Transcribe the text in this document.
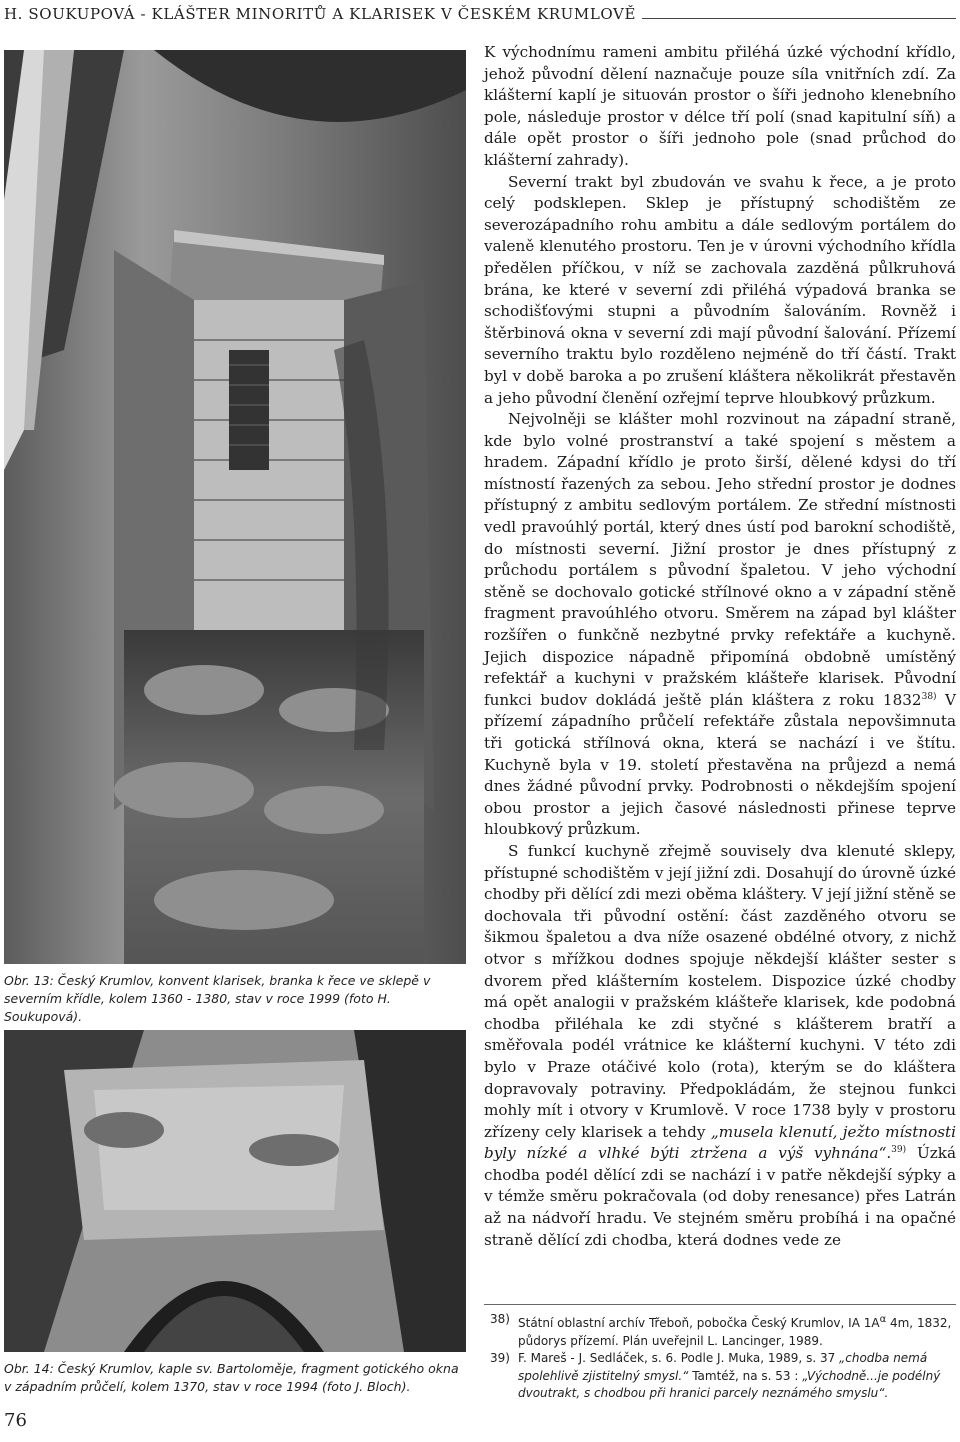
H. SOUKUPOVÁ - KLÁŠTER MINORITŮ A KLARISEK V ČESKÉM KRUMLOVĚ
Obr. 13: Český Krumlov, konvent klarisek, branka k řece ve sklepě v severním křídle, kolem 1360 - 1380, stav v roce 1999 (foto H. Soukupová).
Obr. 14: Český Krumlov, kaple sv. Bartoloměje, fragment gotického okna v západním průčelí, kolem 1370, stav v roce 1994 (foto J. Bloch).

K východnímu rameni ambitu přiléhá úzké východní křídlo, jehož původní dělení naznačuje pouze síla vnitřních zdí. Za klášterní kaplí je situován prostor o šíři jednoho klenebního pole, následuje prostor v délce tří polí (snad kapitulní síň) a dále opět prostor o šíři jednoho pole (snad průchod do klášterní zahrady).

Severní trakt byl zbudován ve svahu k řece, a je proto celý podsklepen. Sklep je přístupný schodištěm ze severozápadního rohu ambitu a dále sedlovým portálem do valeně klenutého prostoru. Ten je v úrovni východního křídla předělen příčkou, v níž se zachovala zazděná půlkruhová brána, ke které v severní zdi přiléhá výpadová branka se schodišťovými stupni a původním šalováním. Rovněž i štěrbinová okna v severní zdi mají původní šalování. Přízemí severního traktu bylo rozděleno nejméně do tří částí. Trakt byl v době baroka a po zrušení kláštera několikrát přestavěn a jeho původní členění ozřejmí teprve hloubkový průzkum.

Nejvolněji se klášter mohl rozvinout na západní straně, kde bylo volné prostranství a také spojení s městem a hradem. Západní křídlo je proto širší, dělené kdysi do tří místností řazených za sebou. Jeho střední prostor je dodnes přístupný z ambitu sedlovým portálem. Ze střední místnosti vedl pravoúhlý portál, který dnes ústí pod barokní schodiště, do místnosti severní. Jižní prostor je dnes přístupný z průchodu portálem s původní špaletou. V jeho východní stěně se dochovalo gotické střílnové okno a v západní stěně fragment pravoúhlého otvoru. Směrem na západ byl klášter rozšířen o funkčně nezbytné prvky refektáře a kuchyně. Jejich dispozice nápadně připomíná obdobně umístěný refektář a kuchyni v pražském klášteře klarisek. Původní funkci budov dokládá ještě plán kláštera z roku 1832$^{38)}$ V přízemí západního průčelí refektáře zůstala nepovšimnuta tři gotická střílnová okna, která se nachází i ve štítu. Kuchyně byla v 19. století přestavěna na průjezd a nemá dnes žádné původní prvky. Podrobnosti o někdejším spojení obou prostor a jejich časové následnosti přinese teprve hloubkový průzkum.

S funkcí kuchyně zřejmě souvisely dva klenuté sklepy, přístupné schodištěm v její jižní zdi. Dosahují do úrovně úzké chodby při dělící zdi mezi oběma kláštery. V její jižní stěně se dochovala tři původní ostění: část zazděného otvoru se šikmou špaletou a dva níže osazené obdélné otvory, z nichž otvor s mřížkou dodnes spojuje někdejší klášter sester s dvorem před klášterním kostelem. Dispozice úzké chodby má opět analogii v pražském klášteře klarisek, kde podobná chodba přiléhala ke zdi styčné s klášterem bratří a směřovala podél vrátnice ke klášterní kuchyni. V této zdi bylo v Praze otáčivé kolo (rota), kterým se do kláštera dopravovaly potraviny. Předpokládám, že stejnou funkci mohly mít i otvory v Krumlově. V roce 1738 byly v prostoru zřízeny cely klarisek a tehdy „musela klenutí, ježto místnosti byly nízké a vlhké býti ztržena a výš vyhnána“.$^{39)}$ Úzká chodba podél dělící zdi se nachází i v patře někdejší sýpky a v témže směru pokračovala (od doby renesance) přes Latrán až na nádvoří hradu. Ve stejném směru probíhá i na opačné straně dělící zdi chodba, která dodnes vede ze

38) Státní oblastní archív Třeboň, pobočka Český Krumlov, IA $1A^\alpha$ 4m, 1832, půdorys přízemí. Plán uveřejnil L. Lancinger, 1989.
39) F. Mareš - J. Sedláček, s. 6. Podle J. Muka, 1989, s. 37 „chodba nemá spolehlivě zjistitelný smysl.“ Tamtéž, na s. 53 : „Východně...je podélný dvoutrakt, s chodbou při hranici parcely neznámého smyslu“.
76
